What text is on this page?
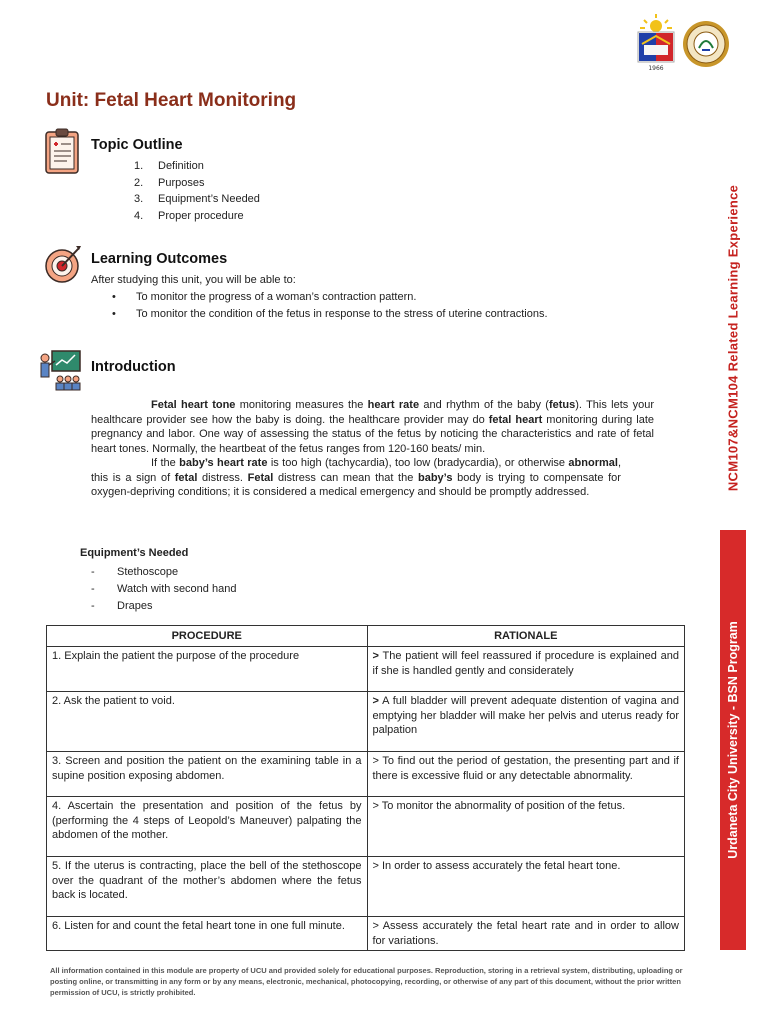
1966
Unit: Fetal Heart Monitoring
Topic Outline
1. Definition
2. Purposes
3. Equipment’s Needed
4. Proper procedure
Learning Outcomes
After studying this unit, you will be able to:
• To monitor the progress of a woman’s contraction pattern.
• To monitor the condition of the fetus in response to the stress of uterine contractions.
Introduction

Fetal heart tone monitoring measures the heart rate and rhythm of the baby (fetus). This lets your healthcare provider see how the baby is doing. the healthcare provider may do fetal heart monitoring during late pregnancy and labor. One way of assessing the status of the fetus by noticing the characteristics and rate of fetal heart tones. Normally, the heartbeat of the fetus ranges from 120-160 beats/ min.

If the baby’s heart rate is too high (tachycardia), too low (bradycardia), or otherwise abnormal, this is a sign of fetal distress. Fetal distress can mean that the baby’s body is trying to compensate for oxygen-depriving conditions; it is considered a medical emergency and should be promptly addressed.

Equipment’s Needed
- Stethoscope
- Watch with second hand
- Drapes
PROCEDURE	RATIONALE
1. Explain the patient the purpose of the procedure	> The patient will feel reassured if procedure is explained and if she is handled gently and considerately
2. Ask the patient to void.	> A full bladder will prevent adequate distention of vagina and emptying her bladder will make her pelvis and uterus ready for palpation
3. Screen and position the patient on the examining table in a supine position exposing abdomen.	> To find out the period of gestation, the presenting part and if there is excessive fluid or any detectable abnormality.
4. Ascertain the presentation and position of the fetus by (performing the 4 steps of Leopold’s Maneuver) palpating the abdomen of the mother.	> To monitor the abnormality of position of the fetus.
5. If the uterus is contracting, place the bell of the stethoscope over the quadrant of the mother’s abdomen where the fetus back is located.	> In order to assess accurately the fetal heart tone.
6. Listen for and count the fetal heart tone in one full minute.	> Assess accurately the fetal heart rate and in order to allow for variations.
All information contained in this module are property of UCU and provided solely for educational purposes. Reproduction, storing in a retrieval system, distributing, uploading or posting online, or transmitting in any form or by any means, electronic, mechanical, photocopying, recording, or otherwise of any part of this document, without the prior written permission of UCU, is strictly prohibited.
NCM107&NCM104 Related Learning Experience
Urdaneta City University - BSN Program
